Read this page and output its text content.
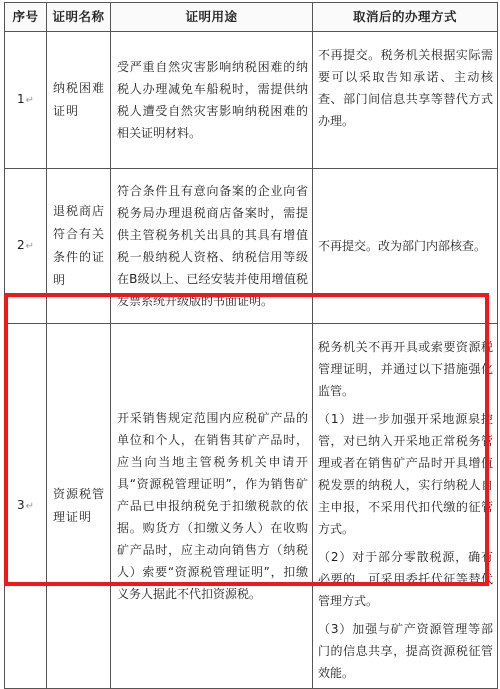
序号	证明名称	证明用途	取消后的办理方式
1↵	纳税困难证明	受严重自然灾害影响纳税困难的纳税人办理减免车船税时，需提供纳税人遭受自然灾害影响纳税困难的相关证明材料。	不再提交。税务机关根据实际需要可以采取告知承诺、主动核查、部门间信息共享等替代方式办理。
2↵	退税商店符合有关条件的证明	符合条件且有意向备案的企业向省税务局办理退税商店备案时，需提供主管税务机关出具的其具有增值税一般纳税人资格、纳税信用等级在B级以上、已经安装并使用增值税发票系统升级版的书面证明。	不再提交。改为部门内部核查。
3↵	资源税管理证明	开采销售规定范围内应税矿产品的单位和个人，在销售其矿产品时，应当向当地主管税务机关申请开具“资源税管理证明”，作为销售矿产品已申报纳税免于扣缴税款的依据。购货方（扣缴义务人）在收购矿产品时，应主动向销售方（纳税人）索要“资源税管理证明”，扣缴义务人据此不代扣资源税。	税务机关不再开具或索要资源税管理证明，并通过以下措施强化监管。

（1）进一步加强开采地源泉控管，对已纳入开采地正常税务管理或者在销售矿产品时开具增值税发票的纳税人，实行纳税人自主申报，不采用代扣代缴的征管方式。

（2）对于部分零散税源，确有必要的，可采用委托代征等替代管理方式。

（3）加强与矿产资源管理等部门的信息共享，提高资源税征管效能。
